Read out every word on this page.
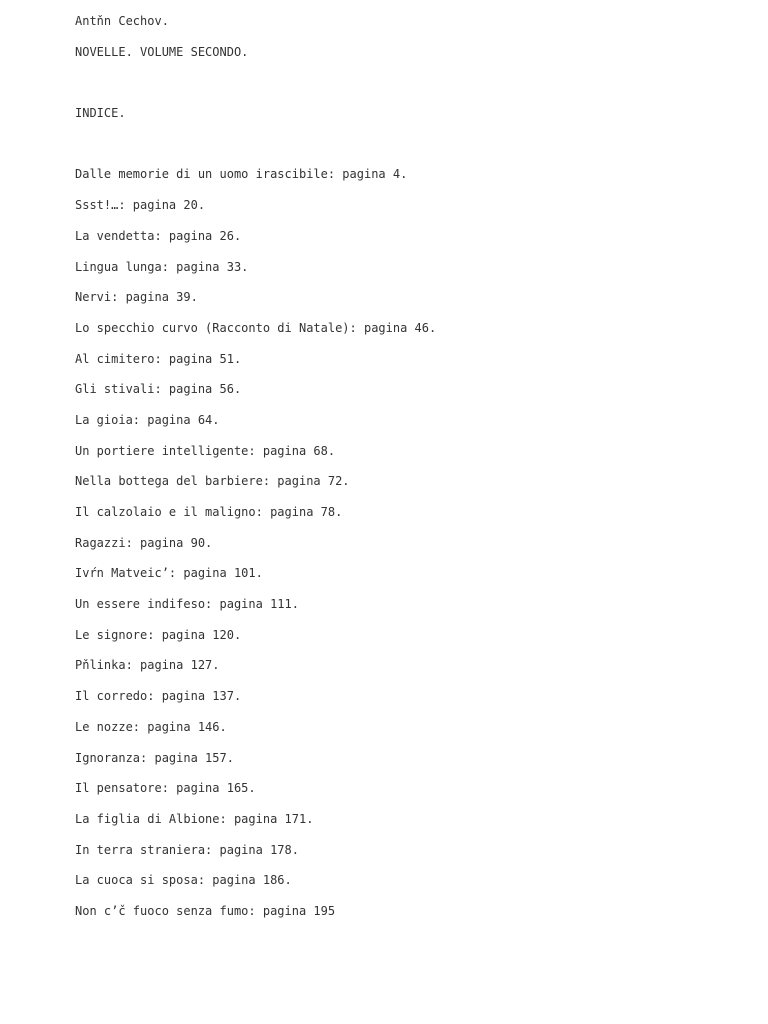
Antňn Cechov.
NOVELLE. VOLUME SECONDO.
INDICE.
Dalle memorie di un uomo irascibile: pagina 4.
Ssst!…: pagina 20.
La vendetta: pagina 26.
Lingua lunga: pagina 33.
Nervi: pagina 39.
Lo specchio curvo (Racconto di Natale): pagina 46.
Al cimitero: pagina 51.
Gli stivali: pagina 56.
La gioia: pagina 64.
Un portiere intelligente: pagina 68.
Nella bottega del barbiere: pagina 72.
Il calzolaio e il maligno: pagina 78.
Ragazzi: pagina 90.
Ivŕn Matveic’: pagina 101.
Un essere indifeso: pagina 111.
Le signore: pagina 120.
Pňlinka: pagina 127.
Il corredo: pagina 137.
Le nozze: pagina 146.
Ignoranza: pagina 157.
Il pensatore: pagina 165.
La figlia di Albione: pagina 171.
In terra straniera: pagina 178.
La cuoca si sposa: pagina 186.
Non c’č fuoco senza fumo: pagina 195
